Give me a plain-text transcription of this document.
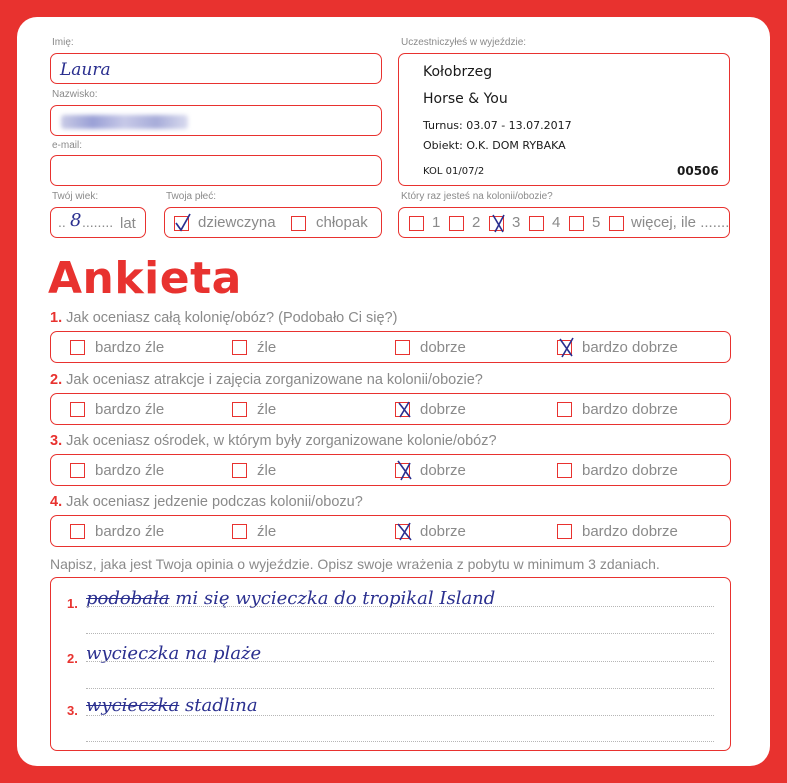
Imię:
Laura
Nazwisko:
e-mail:
Twój wiek:
.. 8 ........ lat
Twoja płeć:
dziewczyna	chłopak
Uczestniczyłeś w wyjeździe:
Kołobrzeg
Horse & You
Turnus: 03.07 - 13.07.2017
Obiekt: O.K. DOM RYBAKA
KOL 01/07/2	00506
Który raz jesteś na kolonii/obozie?
1 2 3 4 5 więcej, ile .......
Ankieta
1. Jak oceniasz całą kolonię/obóz? (Podobało Ci się?)
bardzo źle	źle	dobrze	bardzo dobrze
2. Jak oceniasz atrakcje i zajęcia zorganizowane na kolonii/obozie?
bardzo źle	źle	dobrze	bardzo dobrze
3. Jak oceniasz ośrodek, w którym były zorganizowane kolonie/obóz?
bardzo źle	źle	dobrze	bardzo dobrze
4. Jak oceniasz jedzenie podczas kolonii/obozu?
bardzo źle	źle	dobrze	bardzo dobrze
Napisz, jaka jest Twoja opinia o wyjeździe. Opisz swoje wrażenia z pobytu w minimum 3 zdaniach.
1. podobała mi się wycieczka do tropikal Island
2. wycieczka na plaże
3. wycieczka stadlina
